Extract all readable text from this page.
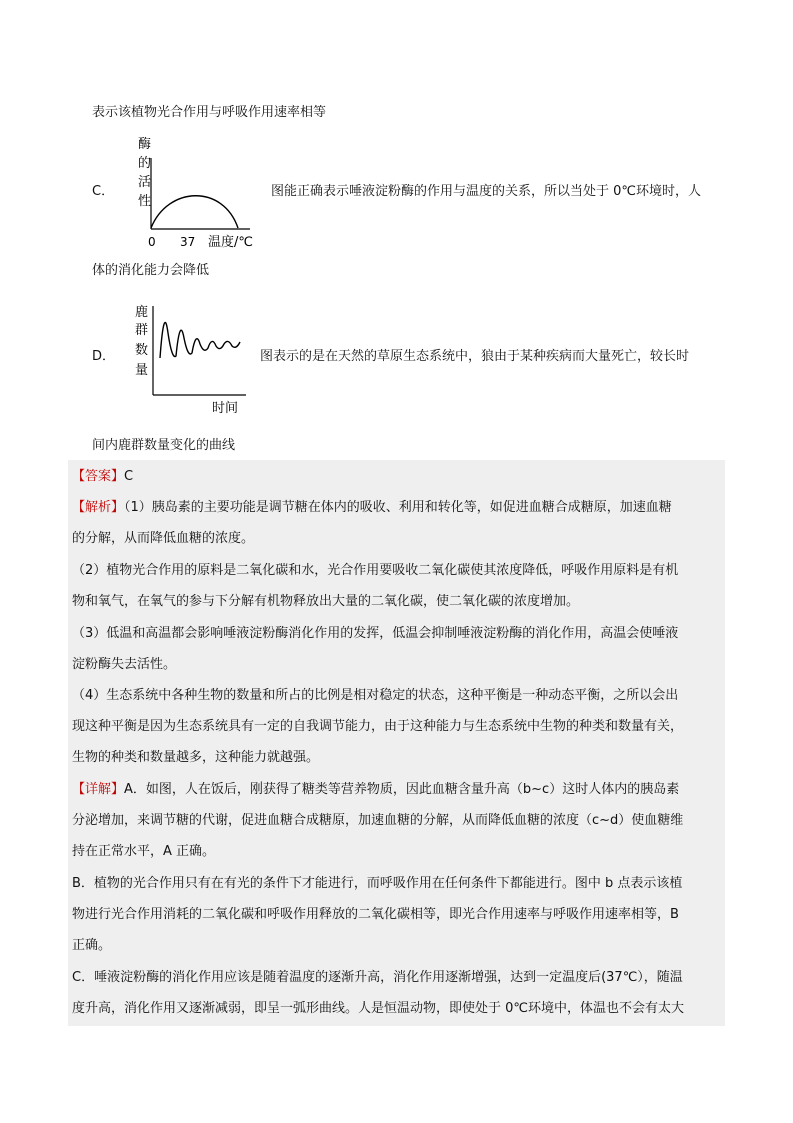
表示该植物光合作用与呼吸作用速率相等
C．
酶
的
活
性
0 37 温度/℃
图能正确表示唾液淀粉酶的作用与温度的关系，所以当处于 0℃环境时，人
体的消化能力会降低
D．
鹿
群
数
量
时间
图表示的是在天然的草原生态系统中，狼由于某种疾病而大量死亡，较长时
间内鹿群数量变化的曲线
【答案】C
【解析】（1）胰岛素的主要功能是调节糖在体内的吸收、利用和转化等，如促进血糖合成糖原，加速血糖
的分解，从而降低血糖的浓度。
（2）植物光合作用的原料是二氧化碳和水，光合作用要吸收二氧化碳使其浓度降低，呼吸作用原料是有机
物和氧气，在氧气的参与下分解有机物释放出大量的二氧化碳，使二氧化碳的浓度增加。
（3）低温和高温都会影响唾液淀粉酶消化作用的发挥，低温会抑制唾液淀粉酶的消化作用，高温会使唾液
淀粉酶失去活性。
（4）生态系统中各种生物的数量和所占的比例是相对稳定的状态，这种平衡是一种动态平衡，之所以会出
现这种平衡是因为生态系统具有一定的自我调节能力，由于这种能力与生态系统中生物的种类和数量有关，
生物的种类和数量越多，这种能力就越强。
【详解】A．如图，人在饭后，刚获得了糖类等营养物质，因此血糖含量升高（b~c）这时人体内的胰岛素
分泌增加，来调节糖的代谢，促进血糖合成糖原，加速血糖的分解，从而降低血糖的浓度（c~d）使血糖维
持在正常水平，A 正确。
B．植物的光合作用只有在有光的条件下才能进行，而呼吸作用在任何条件下都能进行。图中 b 点表示该植
物进行光合作用消耗的二氧化碳和呼吸作用释放的二氧化碳相等，即光合作用速率与呼吸作用速率相等，B
正确。
C．唾液淀粉酶的消化作用应该是随着温度的逐渐升高，消化作用逐渐增强，达到一定温度后(37℃），随温
度升高，消化作用又逐渐减弱，即呈一弧形曲线。人是恒温动物，即使处于 0℃环境中，体温也不会有太大
